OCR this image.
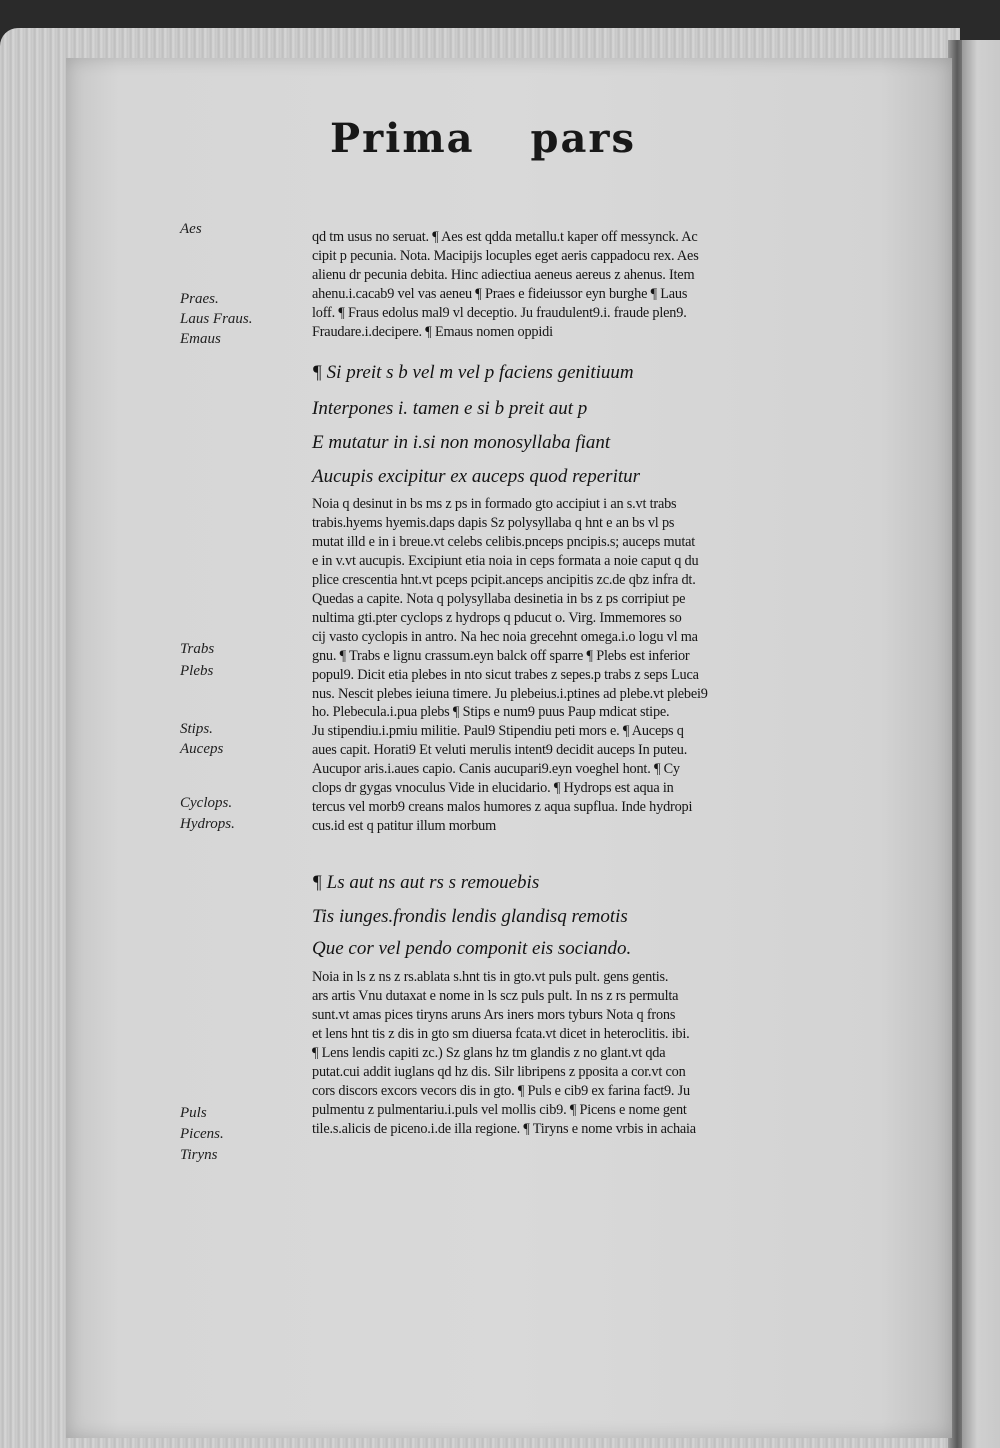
Prima pars
Aes
Praes.
Laus Fraus.
Emaus
Trabs
Plebs
Stips.
Auceps
Cyclops.
Hydrops.
Puls
Picens.
Tiryns
qd tm usus no seruat. ¶ Aes est qdda metallu.t kaper off messynck. Ac
cipit p pecunia. Nota. Macipijs locuples eget aeris cappadocu rex. Aes
alienu dr pecunia debita. Hinc adiectiua aeneus aereus z ahenus. Item
ahenu.i.cacab9 vel vas aeneu ¶ Praes e fideiussor eyn burghe ¶ Laus
loff. ¶ Fraus edolus mal9 vl deceptio. Ju fraudulent9.i. fraude plen9.
Fraudare.i.decipere. ¶ Emaus nomen oppidi
¶ Si preit s b vel m vel p faciens genitiuum
Interpones i. tamen e si b preit aut p
E mutatur in i.si non monosyllaba fiant
Aucupis excipitur ex auceps quod reperitur
Noia q desinut in bs ms z ps in formado gto accipiut i an s.vt trabs
trabis.hyems hyemis.daps dapis Sz polysyllaba q hnt e an bs vl ps
mutat illd e in i breue.vt celebs celibis.pnceps pncipis.s; auceps mutat
e in v.vt aucupis. Excipiunt etia noia in ceps formata a noie caput q du
plice crescentia hnt.vt pceps pcipit.anceps ancipitis zc.de qbz infra dt.
Quedas a capite. Nota q polysyllaba desinetia in bs z ps corripiut pe
nultima gti.pter cyclops z hydrops q pducut o. Virg. Immemores so
cij vasto cyclopis in antro. Na hec noia grecehnt omega.i.o logu vl ma
gnu. ¶ Trabs e lignu crassum.eyn balck off sparre ¶ Plebs est inferior
popul9. Dicit etia plebes in nto sicut trabes z sepes.p trabs z seps Luca
nus. Nescit plebes ieiuna timere. Ju plebeius.i.ptines ad plebe.vt plebei9
ho. Plebecula.i.pua plebs ¶ Stips e num9 puus Paup mdicat stipe.
Ju stipendiu.i.pmiu militie. Paul9 Stipendiu peti mors e. ¶ Auceps q
aues capit. Horati9 Et veluti merulis intent9 decidit auceps In puteu.
Aucupor aris.i.aues capio. Canis aucupari9.eyn voeghel hont. ¶ Cy
clops dr gygas vnoculus Vide in elucidario. ¶ Hydrops est aqua in
tercus vel morb9 creans malos humores z aqua supflua. Inde hydropi
cus.id est q patitur illum morbum
¶ Ls aut ns aut rs s remouebis
Tis iunges.frondis lendis glandisq remotis
Que cor vel pendo componit eis sociando.
Noia in ls z ns z rs.ablata s.hnt tis in gto.vt puls pult. gens gentis.
ars artis Vnu dutaxat e nome in ls scz puls pult. In ns z rs permulta
sunt.vt amas pices tiryns aruns Ars iners mors tyburs Nota q frons
et lens hnt tis z dis in gto sm diuersa fcata.vt dicet in heteroclitis. ibi.
¶ Lens lendis capiti zc.) Sz glans hz tm glandis z no glant.vt qda
putat.cui addit iuglans qd hz dis. Silr libripens z pposita a cor.vt con
cors discors excors vecors dis in gto. ¶ Puls e cib9 ex farina fact9. Ju
pulmentu z pulmentariu.i.puls vel mollis cib9. ¶ Picens e nome gent
tile.s.alicis de piceno.i.de illa regione. ¶ Tiryns e nome vrbis in achaia
